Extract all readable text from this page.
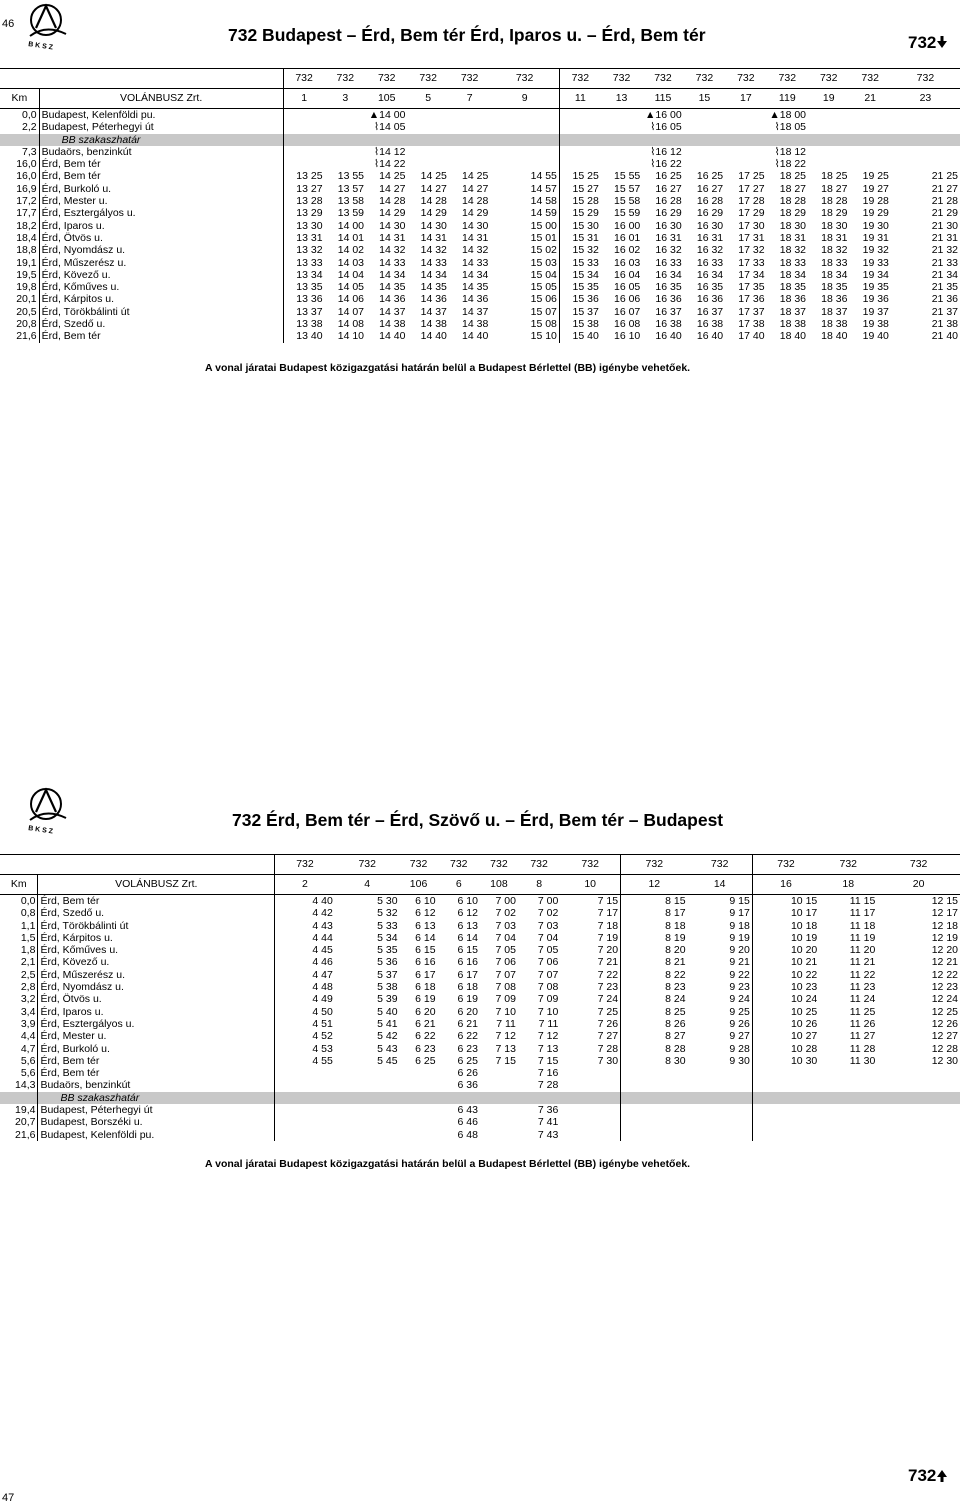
46
B K S Z
732 Budapest – Érd, Bem tér Érd, Iparos u. – Érd, Bem tér	732
		732	732	732	732	732	732	732	732	732	732	732	732	732	732	732
Km	VOLÁNBUSZ Zrt.	1	3	105	5	7	9	11	13	115	15	17	119	19	21	23
0,0	Budapest, Kelenföldi pu.			▲14 00						▲16 00			▲18 00			
2,2	Budapest, Péterhegyi út			⌇14 05						⌇16 05			⌇18 05			
	BB szakaszhatár															
7,3	Budaörs, benzinkút			⌇14 12						⌇16 12			⌇18 12			
16,0	Érd, Bem tér			⌇14 22						⌇16 22			⌇18 22			
16,0	Érd, Bem tér	13 25	13 55	14 25	14 25	14 25	14 55	15 25	15 55	16 25	16 25	17 25	18 25	18 25	19 25	21 25
16,9	Érd, Burkoló u.	13 27	13 57	14 27	14 27	14 27	14 57	15 27	15 57	16 27	16 27	17 27	18 27	18 27	19 27	21 27
17,2	Érd, Mester u.	13 28	13 58	14 28	14 28	14 28	14 58	15 28	15 58	16 28	16 28	17 28	18 28	18 28	19 28	21 28
17,7	Érd, Esztergályos u.	13 29	13 59	14 29	14 29	14 29	14 59	15 29	15 59	16 29	16 29	17 29	18 29	18 29	19 29	21 29
18,2	Érd, Iparos u.	13 30	14 00	14 30	14 30	14 30	15 00	15 30	16 00	16 30	16 30	17 30	18 30	18 30	19 30	21 30
18,4	Érd, Ötvös u.	13 31	14 01	14 31	14 31	14 31	15 01	15 31	16 01	16 31	16 31	17 31	18 31	18 31	19 31	21 31
18,8	Érd, Nyomdász u.	13 32	14 02	14 32	14 32	14 32	15 02	15 32	16 02	16 32	16 32	17 32	18 32	18 32	19 32	21 32
19,1	Érd, Műszerész u.	13 33	14 03	14 33	14 33	14 33	15 03	15 33	16 03	16 33	16 33	17 33	18 33	18 33	19 33	21 33
19,5	Érd, Kövező u.	13 34	14 04	14 34	14 34	14 34	15 04	15 34	16 04	16 34	16 34	17 34	18 34	18 34	19 34	21 34
19,8	Érd, Kőműves u.	13 35	14 05	14 35	14 35	14 35	15 05	15 35	16 05	16 35	16 35	17 35	18 35	18 35	19 35	21 35
20,1	Érd, Kárpitos u.	13 36	14 06	14 36	14 36	14 36	15 06	15 36	16 06	16 36	16 36	17 36	18 36	18 36	19 36	21 36
20,5	Érd, Törökbálinti út	13 37	14 07	14 37	14 37	14 37	15 07	15 37	16 07	16 37	16 37	17 37	18 37	18 37	19 37	21 37
20,8	Érd, Szedő u.	13 38	14 08	14 38	14 38	14 38	15 08	15 38	16 08	16 38	16 38	17 38	18 38	18 38	19 38	21 38
21,6	Érd, Bem tér	13 40	14 10	14 40	14 40	14 40	15 10	15 40	16 10	16 40	16 40	17 40	18 40	18 40	19 40	21 40
A vonal járatai Budapest közigazgatási határán belül a Budapest Bérlettel (BB) igénybe vehetőek.
B K S Z
732 Érd, Bem tér – Érd, Szövő u. – Érd, Bem tér – Budapest
		732	732	732	732	732	732	732	732	732	732	732	732
Km	VOLÁNBUSZ Zrt.	2	4	106	6	108	8	10	12	14	16	18	20
0,0	Érd, Bem tér	4 40	5 30	6 10	6 10	7 00	7 00	7 15	8 15	9 15	10 15	11 15	12 15
0,8	Érd, Szedő u.	4 42	5 32	6 12	6 12	7 02	7 02	7 17	8 17	9 17	10 17	11 17	12 17
1,1	Érd, Törökbálinti út	4 43	5 33	6 13	6 13	7 03	7 03	7 18	8 18	9 18	10 18	11 18	12 18
1,5	Érd, Kárpitos u.	4 44	5 34	6 14	6 14	7 04	7 04	7 19	8 19	9 19	10 19	11 19	12 19
1,8	Érd, Kőműves u.	4 45	5 35	6 15	6 15	7 05	7 05	7 20	8 20	9 20	10 20	11 20	12 20
2,1	Érd, Kövező u.	4 46	5 36	6 16	6 16	7 06	7 06	7 21	8 21	9 21	10 21	11 21	12 21
2,5	Érd, Műszerész u.	4 47	5 37	6 17	6 17	7 07	7 07	7 22	8 22	9 22	10 22	11 22	12 22
2,8	Érd, Nyomdász u.	4 48	5 38	6 18	6 18	7 08	7 08	7 23	8 23	9 23	10 23	11 23	12 23
3,2	Érd, Ötvös u.	4 49	5 39	6 19	6 19	7 09	7 09	7 24	8 24	9 24	10 24	11 24	12 24
3,4	Érd, Iparos u.	4 50	5 40	6 20	6 20	7 10	7 10	7 25	8 25	9 25	10 25	11 25	12 25
3,9	Érd, Esztergályos u.	4 51	5 41	6 21	6 21	7 11	7 11	7 26	8 26	9 26	10 26	11 26	12 26
4,4	Érd, Mester u.	4 52	5 42	6 22	6 22	7 12	7 12	7 27	8 27	9 27	10 27	11 27	12 27
4,7	Érd, Burkoló u.	4 53	5 43	6 23	6 23	7 13	7 13	7 28	8 28	9 28	10 28	11 28	12 28
5,6	Érd, Bem tér	4 55	5 45	6 25	6 25	7 15	7 15	7 30	8 30	9 30	10 30	11 30	12 30
5,6	Érd, Bem tér				6 26		7 16						
14,3	Budaörs, benzinkút				6 36		7 28						
	BB szakaszhatár												
19,4	Budapest, Péterhegyi út				6 43		7 36						
20,7	Budapest, Borszéki u.				6 46		7 41						
21,6	Budapest, Kelenföldi pu.				6 48		7 43						
A vonal járatai Budapest közigazgatási határán belül a Budapest Bérlettel (BB) igénybe vehetőek.
732
47
